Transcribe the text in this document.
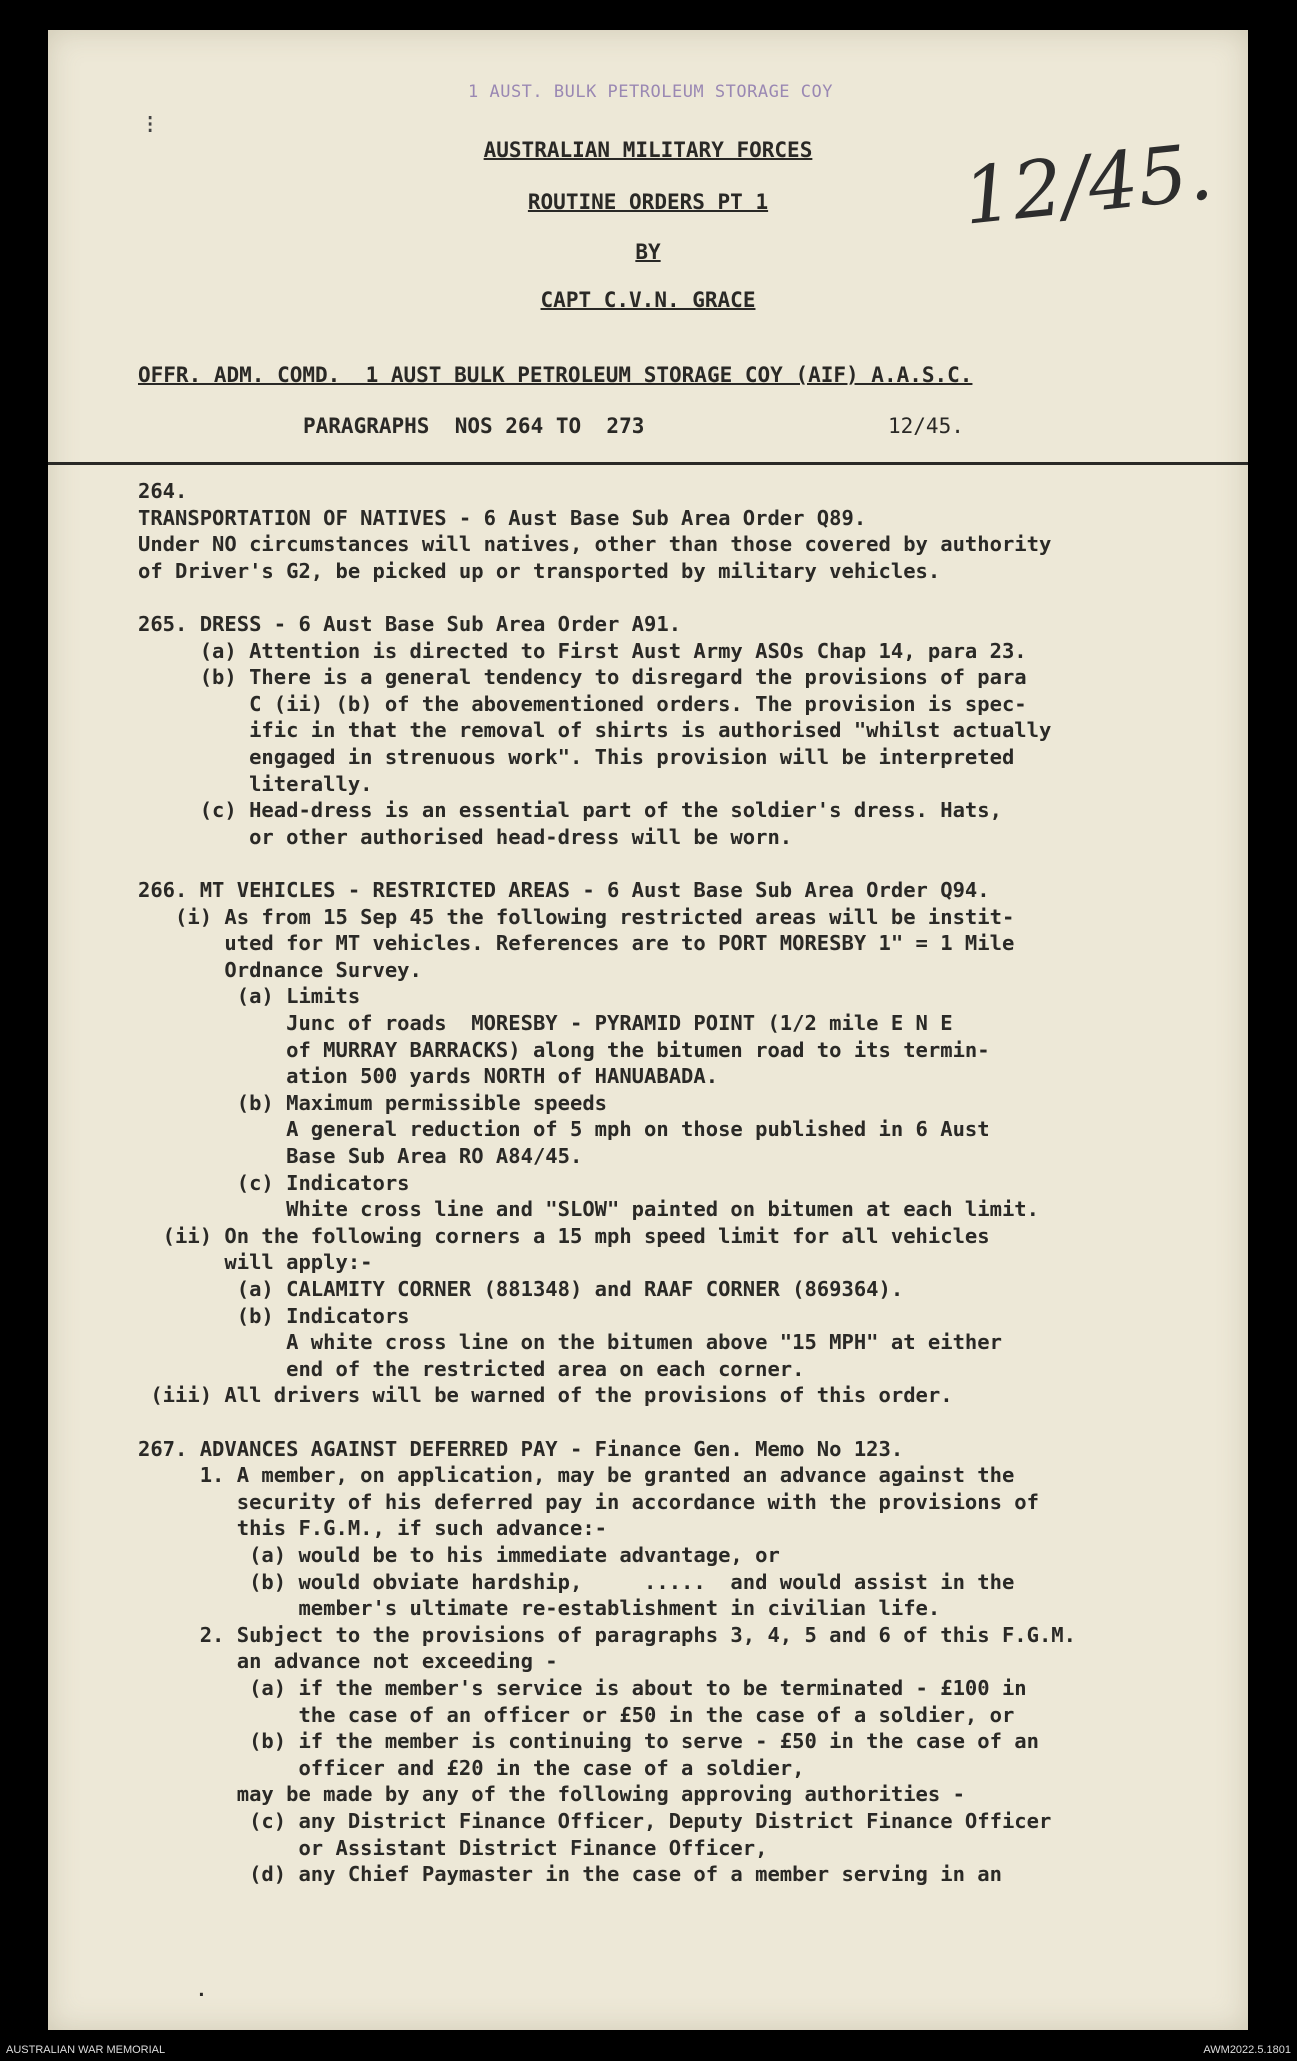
⁝
1 AUST. BULK PETROLEUM STORAGE COY
AUSTRALIAN MILITARY FORCES
ROUTINE ORDERS PT 1
BY
CAPT C.V.N. GRACE
12/45.
OFFR. ADM. COMD.  1 AUST BULK PETROLEUM STORAGE COY (AIF) A.A.S.C.
PARAGRAPHS  NOS 264 TO  273	12/45.
264.
TRANSPORTATION OF NATIVES - 6 Aust Base Sub Area Order Q89.
Under NO circumstances will natives, other than those covered by authority
of Driver's G2, be picked up or transported by military vehicles.
265. DRESS - 6 Aust Base Sub Area Order A91.
(a) Attention is directed to First Aust Army ASOs Chap 14, para 23.
(b) There is a general tendency to disregard the provisions of para
C (ii) (b) of the abovementioned orders. The provision is spec-
ific in that the removal of shirts is authorised "whilst actually
engaged in strenuous work". This provision will be interpreted
literally.
(c) Head-dress is an essential part of the soldier's dress. Hats,
or other authorised head-dress will be worn.
266. MT VEHICLES - RESTRICTED AREAS - 6 Aust Base Sub Area Order Q94.
(i) As from 15 Sep 45 the following restricted areas will be instit-
uted for MT vehicles. References are to PORT MORESBY 1" = 1 Mile
Ordnance Survey.
(a) Limits
Junc of roads  MORESBY - PYRAMID POINT (1/2 mile E N E
of MURRAY BARRACKS) along the bitumen road to its termin-
ation 500 yards NORTH of HANUABADA.
(b) Maximum permissible speeds
A general reduction of 5 mph on those published in 6 Aust
Base Sub Area RO A84/45.
(c) Indicators
White cross line and "SLOW" painted on bitumen at each limit.
(ii) On the following corners a 15 mph speed limit for all vehicles
will apply:-
(a) CALAMITY CORNER (881348) and RAAF CORNER (869364).
(b) Indicators
A white cross line on the bitumen above "15 MPH" at either
end of the restricted area on each corner.
(iii) All drivers will be warned of the provisions of this order.
267. ADVANCES AGAINST DEFERRED PAY - Finance Gen. Memo No 123.
1. A member, on application, may be granted an advance against the
security of his deferred pay in accordance with the provisions of
this F.G.M., if such advance:-
(a) would be to his immediate advantage, or
(b) would obviate hardship,     .....  and would assist in the
member's ultimate re-establishment in civilian life.
2. Subject to the provisions of paragraphs 3, 4, 5 and 6 of this F.G.M.
an advance not exceeding -
(a) if the member's service is about to be terminated - £100 in
the case of an officer or £50 in the case of a soldier, or
(b) if the member is continuing to serve - £50 in the case of an
officer and £20 in the case of a soldier,
may be made by any of the following approving authorities -
(c) any District Finance Officer, Deputy District Finance Officer
or Assistant District Finance Officer,
(d) any Chief Paymaster in the case of a member serving in an
.
AUSTRALIAN WAR MEMORIAL	AWM2022.5.1801
